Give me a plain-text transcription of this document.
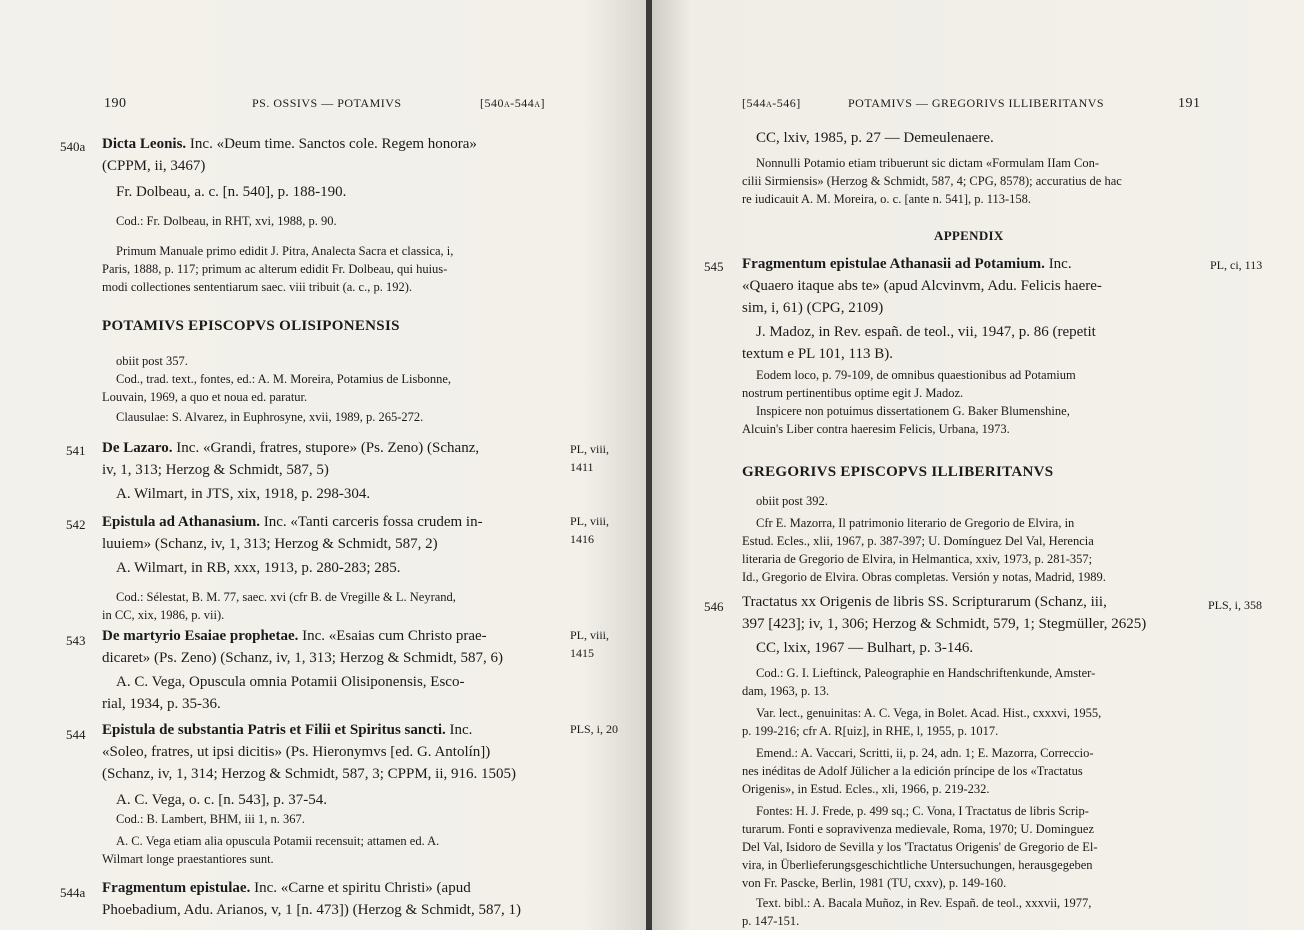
190	PS. OSSIVS — POTAMIVS	[540a-544a]
540a Dicta Leonis. Inc. «Deum time. Sanctos cole. Regem honora»
(CPPM, ii, 3467)
Fr. Dolbeau, a. c. [n. 540], p. 188-190.
Cod.: Fr. Dolbeau, in RHT, xvi, 1988, p. 90.
Primum Manuale primo edidit J. Pitra, Analecta Sacra et classica, i,
Paris, 1888, p. 117; primum ac alterum edidit Fr. Dolbeau, qui huius-
modi collectiones sententiarum saec. viii tribuit (a. c., p. 192).
POTAMIVS EPISCOPVS OLISIPONENSIS
obiit post 357.
Cod., trad. text., fontes, ed.: A. M. Moreira, Potamius de Lisbonne,
Louvain, 1969, a quo et noua ed. paratur.
Clausulae: S. Alvarez, in Euphrosyne, xvii, 1989, p. 265-272.
541 De Lazaro. Inc. «Grandi, fratres, stupore» (Ps. Zeno) (Schanz,	PL, viii,
iv, 1, 313; Herzog & Schmidt, 587, 5)	1411
A. Wilmart, in JTS, xix, 1918, p. 298-304.
542 Epistula ad Athanasium. Inc. «Tanti carceris fossa crudem in-	PL, viii,
luuiem» (Schanz, iv, 1, 313; Herzog & Schmidt, 587, 2)	1416
A. Wilmart, in RB, xxx, 1913, p. 280-283; 285.
Cod.: Sélestat, B. M. 77, saec. xvi (cfr B. de Vregille & L. Neyrand,
in CC, xix, 1986, p. vii).
543 De martyrio Esaiae prophetae. Inc. «Esaias cum Christo prae-	PL, viii,
dicaret» (Ps. Zeno) (Schanz, iv, 1, 313; Herzog & Schmidt, 587, 6)	1415
A. C. Vega, Opuscula omnia Potamii Olisiponensis, Esco-
rial, 1934, p. 35-36.
544 Epistula de substantia Patris et Filii et Spiritus sancti. Inc.	PLS, i, 20
«Soleo, fratres, ut ipsi dicitis» (Ps. Hieronymvs [ed. G. Antolín])
(Schanz, iv, 1, 314; Herzog & Schmidt, 587, 3; CPPM, ii, 916. 1505)
A. C. Vega, o. c. [n. 543], p. 37-54.
Cod.: B. Lambert, BHM, iii 1, n. 367.
A. C. Vega etiam alia opuscula Potamii recensuit; attamen ed. A.
Wilmart longe praestantiores sunt.
544a Fragmentum epistulae. Inc. «Carne et spiritu Christi» (apud
Phoebadium, Adu. Arianos, v, 1 [n. 473]) (Herzog & Schmidt, 587, 1)
[544a-546]	POTAMIVS — GREGORIVS ILLIBERITANVS	191
CC, lxiv, 1985, p. 27 — Demeulenaere.
Nonnulli Potamio etiam tribuerunt sic dictam «Formulam IIam Con-
cilii Sirmiensis» (Herzog & Schmidt, 587, 4; CPG, 8578); accuratius de hac
re iudicauit A. M. Moreira, o. c. [ante n. 541], p. 113-158.
APPENDIX
545 Fragmentum epistulae Athanasii ad Potamium. Inc.	PL, ci, 113
«Quaero itaque abs te» (apud Alcvinvm, Adu. Felicis haere-
sim, i, 61) (CPG, 2109)
J. Madoz, in Rev. españ. de teol., vii, 1947, p. 86 (repetit
textum e PL 101, 113 B).
Eodem loco, p. 79-109, de omnibus quaestionibus ad Potamium
nostrum pertinentibus optime egit J. Madoz.
Inspicere non potuimus dissertationem G. Baker Blumenshine,
Alcuin's Liber contra haeresim Felicis, Urbana, 1973.
GREGORIVS EPISCOPVS ILLIBERITANVS
obiit post 392.
Cfr E. Mazorra, Il patrimonio literario de Gregorio de Elvira, in
Estud. Ecles., xlii, 1967, p. 387-397; U. Domínguez Del Val, Herencia
literaria de Gregorio de Elvira, in Helmantica, xxiv, 1973, p. 281-357;
Id., Gregorio de Elvira. Obras completas. Versión y notas, Madrid, 1989.
546 Tractatus xx Origenis de libris SS. Scripturarum (Schanz, iii,	PLS, i, 358
397 [423]; iv, 1, 306; Herzog & Schmidt, 579, 1; Stegmüller, 2625)
CC, lxix, 1967 — Bulhart, p. 3-146.
Cod.: G. I. Lieftinck, Paleographie en Handschriftenkunde, Amster-
dam, 1963, p. 13.
Var. lect., genuinitas: A. C. Vega, in Bolet. Acad. Hist., cxxxvi, 1955,
p. 199-216; cfr A. R[uiz], in RHE, l, 1955, p. 1017.
Emend.: A. Vaccari, Scritti, ii, p. 24, adn. 1; E. Mazorra, Correccio-
nes inéditas de Adolf Jülicher a la edición príncipe de los «Tractatus
Origenis», in Estud. Ecles., xli, 1966, p. 219-232.
Fontes: H. J. Frede, p. 499 sq.; C. Vona, I Tractatus de libris Scrip-
turarum. Fonti e sopravivenza medievale, Roma, 1970; U. Dominguez
Del Val, Isidoro de Sevilla y los 'Tractatus Origenis' de Gregorio de El-
vira, in Überlieferungsgeschichtliche Untersuchungen, herausgegeben
von Fr. Pascke, Berlin, 1981 (TU, cxxv), p. 149-160.
Text. bibl.: A. Bacala Muñoz, in Rev. Españ. de teol., xxxvii, 1977,
p. 147-151.
